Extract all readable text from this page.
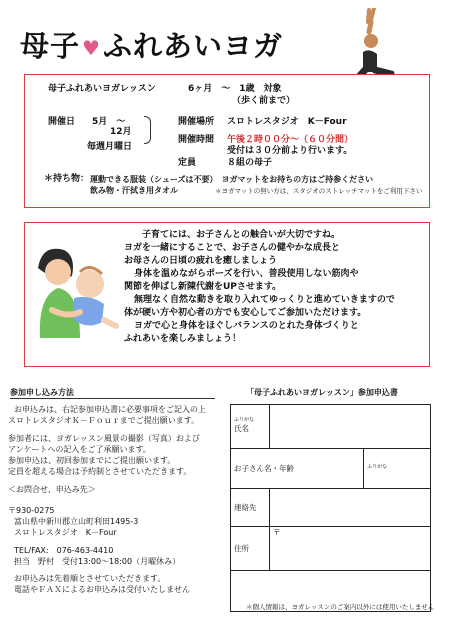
母子 ♥ふれあいヨガ
母子ふれあいヨガレッスン	6ヶ月　～　1歳　対象
（歩く前まで）
開催日 5月　～
12月
毎週月曜日
開催場所 スロトレスタジオ　K－Four
開催時間 午後２時００分～（６０分間）
受付は３０分前より行います。
定員	８組の母子
＊持ち物： 運動できる服装（シューズは不要）　ヨガマットをお持ちの方はご持参ください
飲み物・汗拭き用タオル	＊ヨガマットの無い方は、スタジオのストレッチマットをご利用下さい
子育てには、お子さんとの触合いが大切ですね。
ヨガを一緒にすることで、お子さんの健やかな成長と
お母さんの日頃の疲れを癒しましょう
身体を温めながらポーズを行い、普段使用しない筋肉や
関節を伸ばし新陳代謝をUPさせます。
無理なく自然な動きを取り入れてゆっくりと進めていきますので
体が硬い方や初心者の方でも安心してご参加いただけます。
ヨガで心と身体をほぐしバランスのとれた身体づくりと
ふれあいを楽しみましょう！
参加申し込み方法
お申込みは、右記参加申込書に必要事項をご記入の上
スロトレスタジオＫ－Ｆｏｕｒまでご提出願います。
参加者には、ヨガレッスン風景の撮影（写真）および
アンケートへの記入をご了承願います。
参加申込は、初回参加までにご提出願います。
定員を超える場合は予約制とさせていただきます。
＜お問合せ、申込み先＞
〒930-0275
富山県中新川郡立山町利田1495-3
スロトレスタジオ　K－Four
TEL/FAX:　076-463-4410
担当　野村　受付13:00～18:00（月曜休み）
お申込みは先着順とさせていただきます。
電話やＦＡＸによるお申込みは受付いたしません
「母子ふれあいヨガレッスン」参加申込書
ふりがな
氏名		
お子さん名・年齢		ふりがな

連絡先		
住所	〒	

＊個人情報は、ヨガレッスンのご案内以外には使用いたしません
